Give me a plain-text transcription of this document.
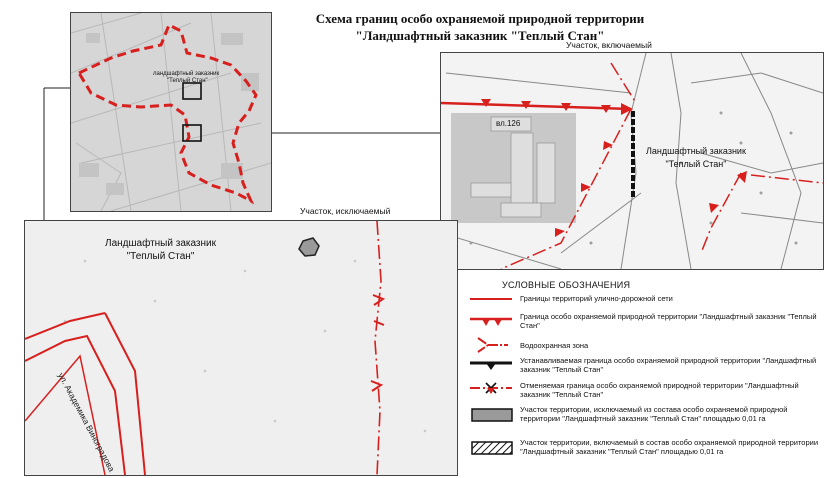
Схема границ особо охраняемой природной территории
"Ландшафтный заказник "Теплый Стан"
ландшафтный заказник
"Теплый Стан"
вл.126
Ландшафтный заказник
"Теплый Стан"
Участок, включаемый
Ландшафтный заказник
"Теплый Стан"
ул. Академика Виноградова
Участок, исключаемый
УСЛОВНЫЕ ОБОЗНАЧЕНИЯ
Границы территорий улично-дорожной сети
Граница особо охраняемой природной территории "Ландшафтный заказник "Теплый Стан"
Водоохранная зона
Устанавливаемая граница особо охраняемой природной территории "Ландшафтный заказник "Теплый Стан"
Отменяемая граница особо охраняемой природной территории "Ландшафтный заказник "Теплый Стан"
Участок территории, исключаемый из состава особо охраняемой природной территории "Ландшафтный заказник "Теплый Стан" площадью 0,01 га
Участок территории, включаемый в состав особо охраняемой природной территории "Ландшафтный заказник "Теплый Стан" площадью 0,01 га
